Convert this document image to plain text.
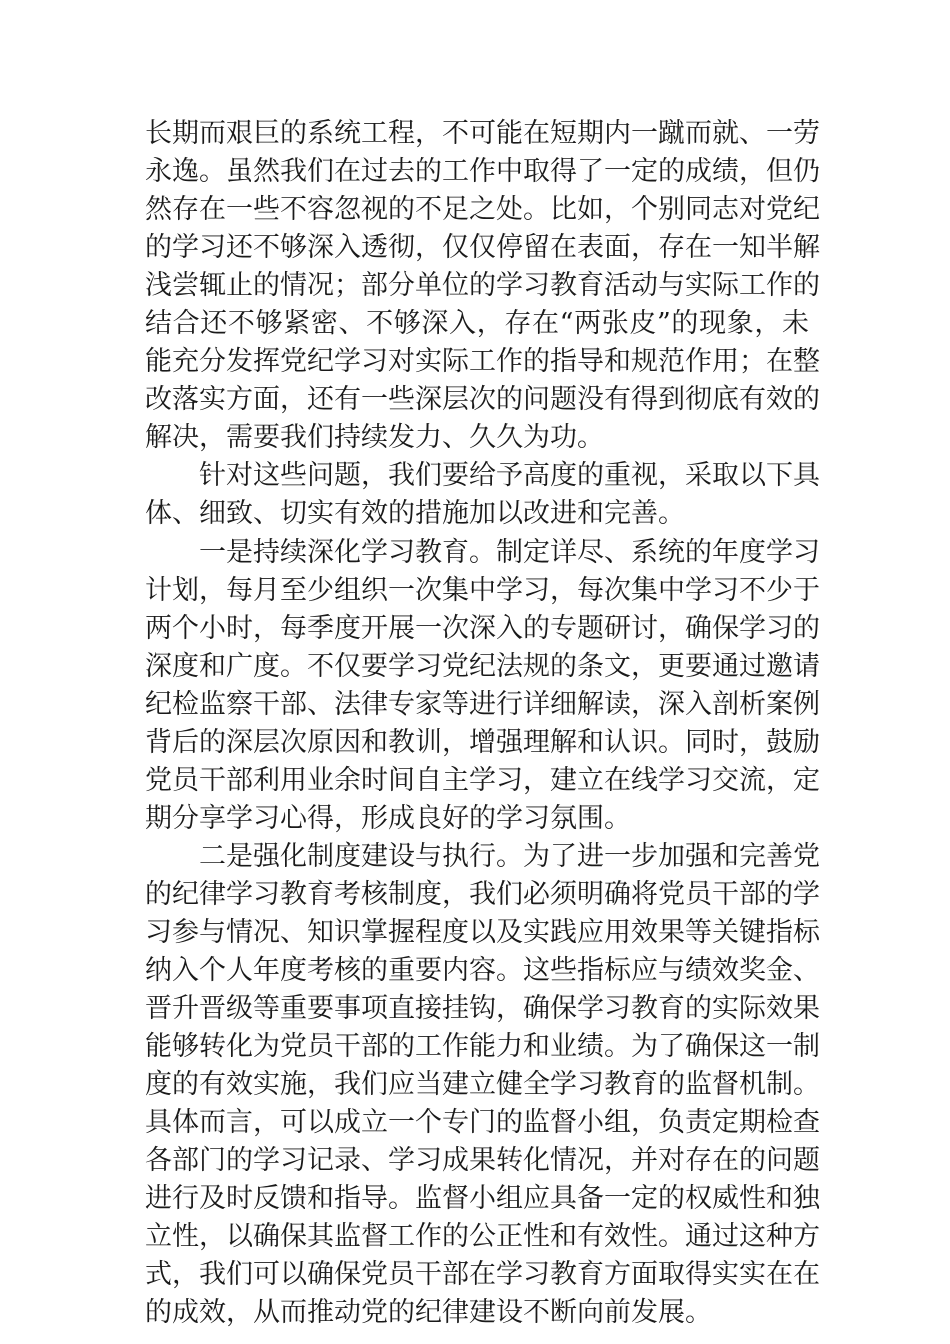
长期而艰巨的系统工程，不可能在短期内一蹴而就、一劳
永逸。虽然我们在过去的工作中取得了一定的成绩，但仍
然存在一些不容忽视的不足之处。比如，个别同志对党纪
的学习还不够深入透彻，仅仅停留在表面，存在一知半解
浅尝辄止的情况；部分单位的学习教育活动与实际工作的
结合还不够紧密、不够深入，存在“两张皮”的现象，未
能充分发挥党纪学习对实际工作的指导和规范作用；在整
改落实方面，还有一些深层次的问题没有得到彻底有效的
解决，需要我们持续发力、久久为功。
针对这些问题，我们要给予高度的重视，采取以下具
体、细致、切实有效的措施加以改进和完善。
一是持续深化学习教育。制定详尽、系统的年度学习
计划，每月至少组织一次集中学习，每次集中学习不少于
两个小时，每季度开展一次深入的专题研讨，确保学习的
深度和广度。不仅要学习党纪法规的条文，更要通过邀请
纪检监察干部、法律专家等进行详细解读，深入剖析案例
背后的深层次原因和教训，增强理解和认识。同时，鼓励
党员干部利用业余时间自主学习，建立在线学习交流，定
期分享学习心得，形成良好的学习氛围。
二是强化制度建设与执行。为了进一步加强和完善党
的纪律学习教育考核制度，我们必须明确将党员干部的学
习参与情况、知识掌握程度以及实践应用效果等关键指标
纳入个人年度考核的重要内容。这些指标应与绩效奖金、
晋升晋级等重要事项直接挂钩，确保学习教育的实际效果
能够转化为党员干部的工作能力和业绩。为了确保这一制
度的有效实施，我们应当建立健全学习教育的监督机制。
具体而言，可以成立一个专门的监督小组，负责定期检查
各部门的学习记录、学习成果转化情况，并对存在的问题
进行及时反馈和指导。监督小组应具备一定的权威性和独
立性，以确保其监督工作的公正性和有效性。通过这种方
式，我们可以确保党员干部在学习教育方面取得实实在在
的成效，从而推动党的纪律建设不断向前发展。
